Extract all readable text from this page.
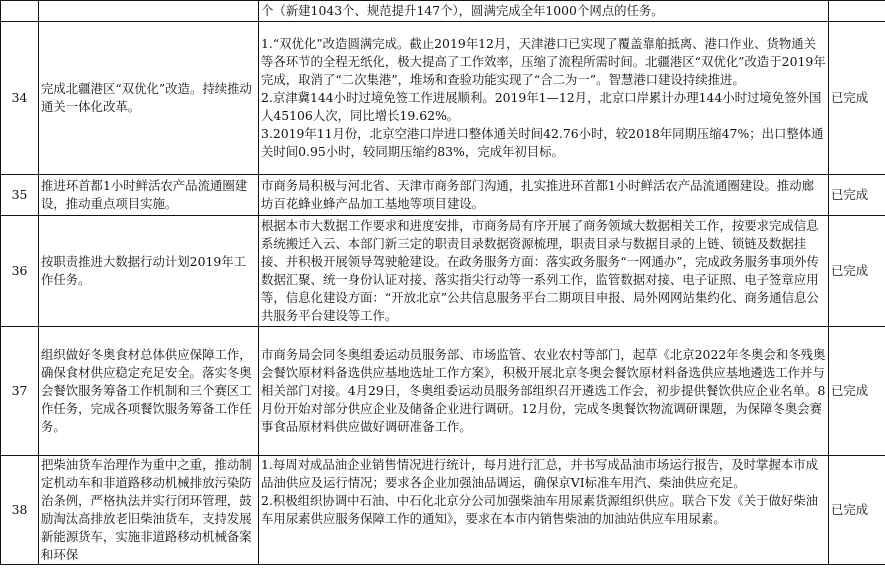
		个（新建1043个、规范提升147个），圆满完成全年1000个网点的任务。	

34	完成北疆港区“双优化”改造。持续推动通关一体化改革。	1.“双优化”改造圆满完成。截止2019年12月，天津港口已实现了覆盖靠舶抵离、港口作业、货物通关等各环节的全程无纸化，极大提高了工作效率，压缩了流程所需时间。北疆港区“双优化”改造于2019年完成，取消了“二次集港”，堆场和查验功能实现了“合二为一”。智慧港口建设持续推进。

2.京津冀144小时过境免签工作进展顺利。2019年1—12月，北京口岸累计办理144小时过境免签外国人45106人次，同比增长19.62%。

3.2019年11月份，北京空港口岸进口整体通关时间42.76小时，较2018年同期压缩47%；出口整体通关时间0.95小时，较同期压缩约83%，完成年初目标。	已完成
35	推进环首都1小时鲜活农产品流通圈建设，推动重点项目实施。	市商务局积极与河北省、天津市商务部门沟通，扎实推进环首都1小时鲜活农产品流通圈建设。推动廊坊百花蜂业蜂产品加工基地等项目建设。	已完成
36	按职责推进大数据行动计划2019年工作任务。	根据本市大数据工作要求和进度安排，市商务局有序开展了商务领域大数据相关工作，按要求完成信息系统搬迁入云、本部门新三定的职责目录数据资源梳理，职责目录与数据目录的上链、锁链及数据挂接、并积极开展领导驾驶舱建设。在政务服务方面：落实政务服务“一网通办”，完成政务服务事项外传数据汇聚、统一身份认证对接、落实指尖行动等一系列工作，监管数据对接、电子证照、电子签章应用等，信息化建设方面：“开放北京”公共信息服务平台二期项目申报、局外网网站集约化、商务通信息公共服务平台建设等工作。	已完成
37	组织做好冬奥食材总体供应保障工作，确保食材供应稳定充足安全。落实冬奥会餐饮服务筹备工作机制和三个赛区工作任务，完成各项餐饮服务筹备工作任务。	市商务局会同冬奥组委运动员服务部、市场监管、农业农村等部门，起草《北京2022年冬奥会和冬残奥会餐饮原材料备选供应基地选址工作方案》，积极开展北京冬奥会餐饮原材料备选供应基地遴选工作并与相关部门对接。4月29日，冬奥组委运动员服务部组织召开遴选工作会，初步提供餐饮供应企业名单。8月份开始对部分供应企业及储备企业进行调研。12月份，完成冬奥餐饮物流调研课题，为保障冬奥会赛事食品原材料供应做好调研准备工作。	已完成
38	把柴油货车治理作为重中之重，推动制定机动车和非道路移动机械排放污染防治条例，严格执法并实行闭环管理，鼓励淘汰高排放老旧柴油货车，支持发展新能源货车，实施非道路移动机械备案和环保	1.每周对成品油企业销售情况进行统计，每月进行汇总，并书写成品油市场运行报告，及时掌握本市成品油供应及运行情况；要求各企业加强油品调运，确保京VI标准车用汽、柴油供应充足。

2.积极组织协调中石油、中石化北京分公司加强柴油车用尿素货源组织供应。联合下发《关于做好柴油车用尿素供应服务保障工作的通知》，要求在本市内销售柴油的加油站供应车用尿素。	已完成
